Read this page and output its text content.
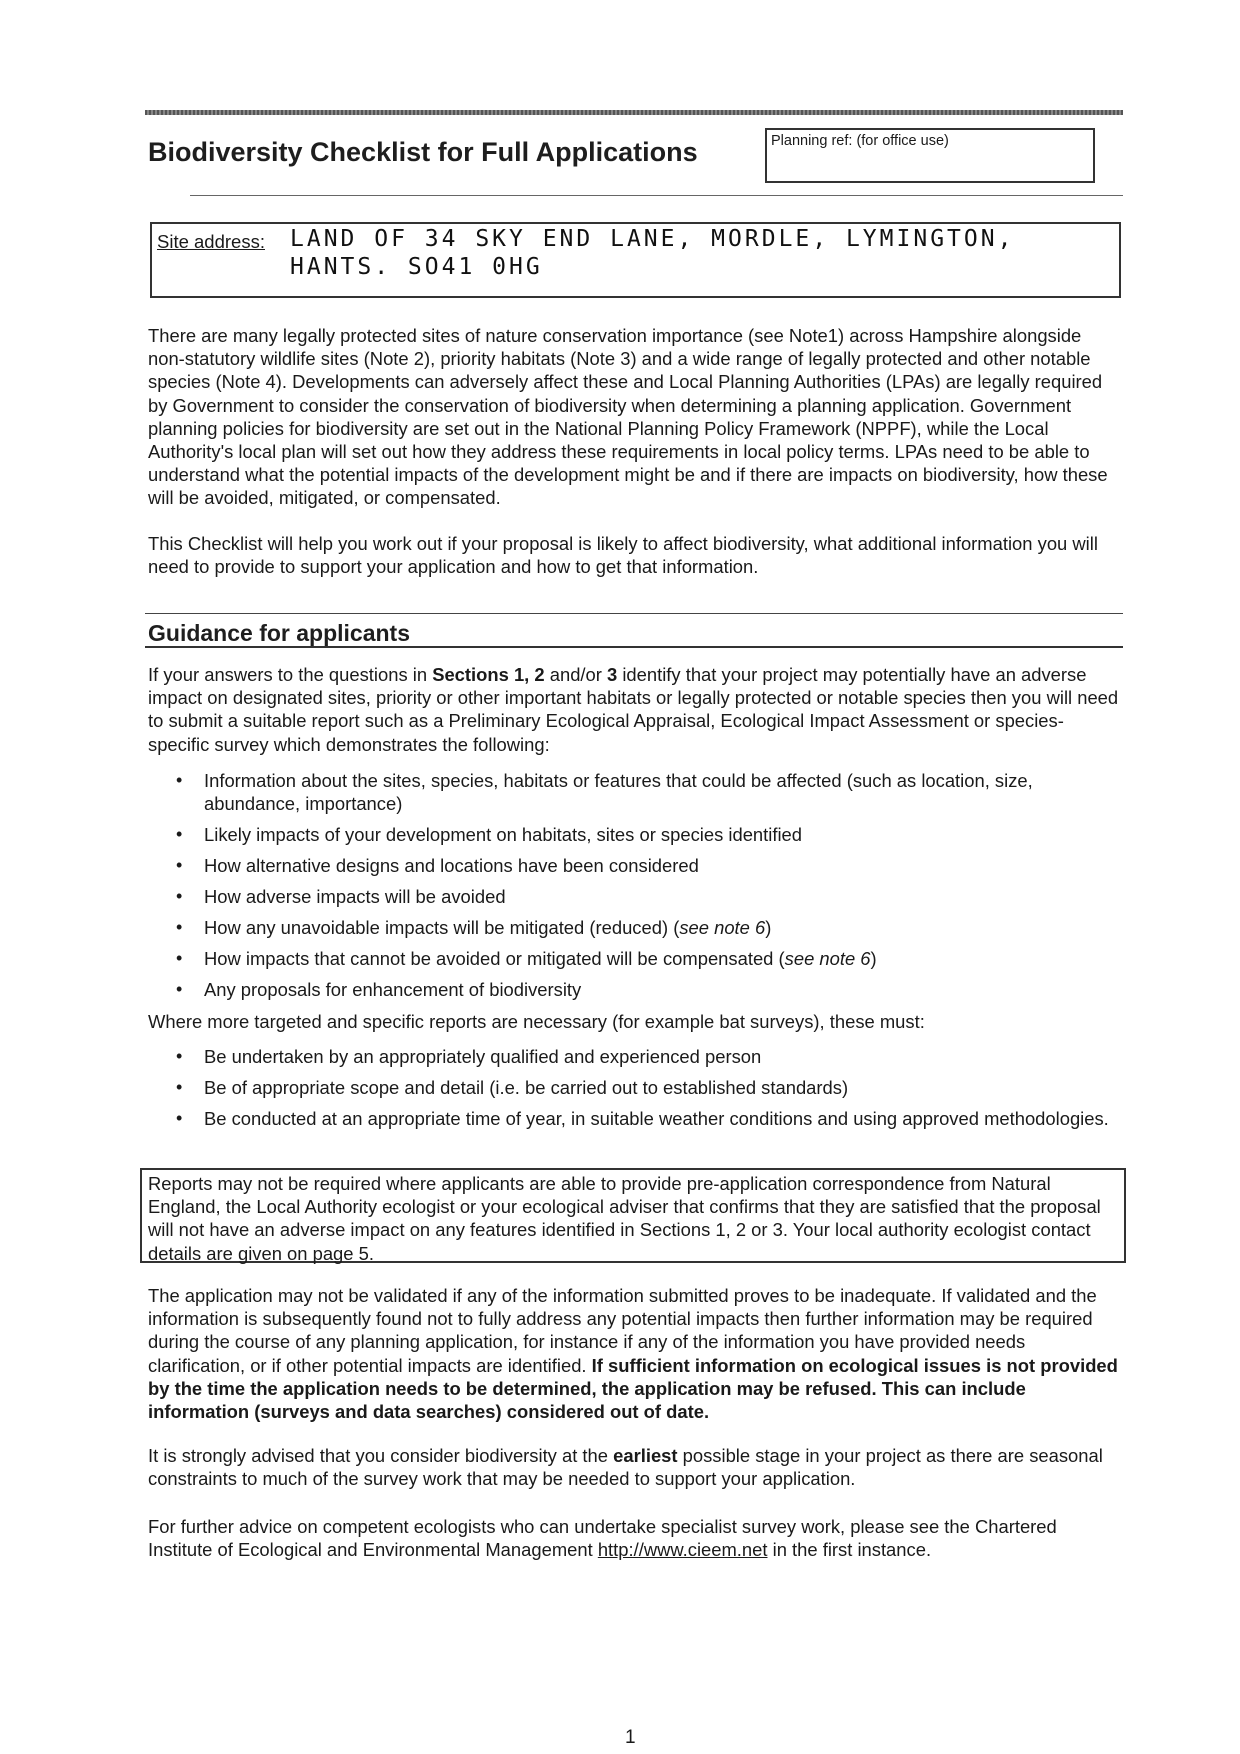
Biodiversity Checklist for Full Applications	Planning ref: (for office use)
Site address: LAND OF 34 SKY END LANE, MORDLE, LYMINGTON,
HANTS. SO41 0HG

There are many legally protected sites of nature conservation importance (see Note1) across Hampshire alongside non-statutory wildlife sites (Note 2), priority habitats (Note 3) and a wide range of legally protected and other notable species (Note 4). Developments can adversely affect these and Local Planning Authorities (LPAs) are legally required by Government to consider the conservation of biodiversity when determining a planning application. Government planning policies for biodiversity are set out in the National Planning Policy Framework (NPPF), while the Local Authority's local plan will set out how they address these requirements in local policy terms. LPAs need to be able to understand what the potential impacts of the development might be and if there are impacts on biodiversity, how these will be avoided, mitigated, or compensated.

This Checklist will help you work out if your proposal is likely to affect biodiversity, what additional information you will need to provide to support your application and how to get that information.

Guidance for applicants

If your answers to the questions in Sections 1, 2 and/or 3 identify that your project may potentially have an adverse impact on designated sites, priority or other important habitats or legally protected or notable species then you will need to submit a suitable report such as a Preliminary Ecological Appraisal, Ecological Impact Assessment or species-specific survey which demonstrates the following:

• Information about the sites, species, habitats or features that could be affected (such as location, size, abundance, importance)
• Likely impacts of your development on habitats, sites or species identified
• How alternative designs and locations have been considered
• How adverse impacts will be avoided
• How any unavoidable impacts will be mitigated (reduced) (see note 6)
• How impacts that cannot be avoided or mitigated will be compensated (see note 6)
• Any proposals for enhancement of biodiversity

Where more targeted and specific reports are necessary (for example bat surveys), these must:

• Be undertaken by an appropriately qualified and experienced person
• Be of appropriate scope and detail (i.e. be carried out to established standards)
• Be conducted at an appropriate time of year, in suitable weather conditions and using approved methodologies.

Reports may not be required where applicants are able to provide pre-application correspondence from Natural England, the Local Authority ecologist or your ecological adviser that confirms that they are satisfied that the proposal will not have an adverse impact on any features identified in Sections 1, 2 or 3. Your local authority ecologist contact details are given on page 5.

The application may not be validated if any of the information submitted proves to be inadequate. If validated and the information is subsequently found not to fully address any potential impacts then further information may be required during the course of any planning application, for instance if any of the information you have provided needs clarification, or if other potential impacts are identified. If sufficient information on ecological issues is not provided by the time the application needs to be determined, the application may be refused. This can include information (surveys and data searches) considered out of date.

It is strongly advised that you consider biodiversity at the earliest possible stage in your project as there are seasonal constraints to much of the survey work that may be needed to support your application.

For further advice on competent ecologists who can undertake specialist survey work, please see the Chartered Institute of Ecological and Environmental Management http://www.cieem.net in the first instance.

1
